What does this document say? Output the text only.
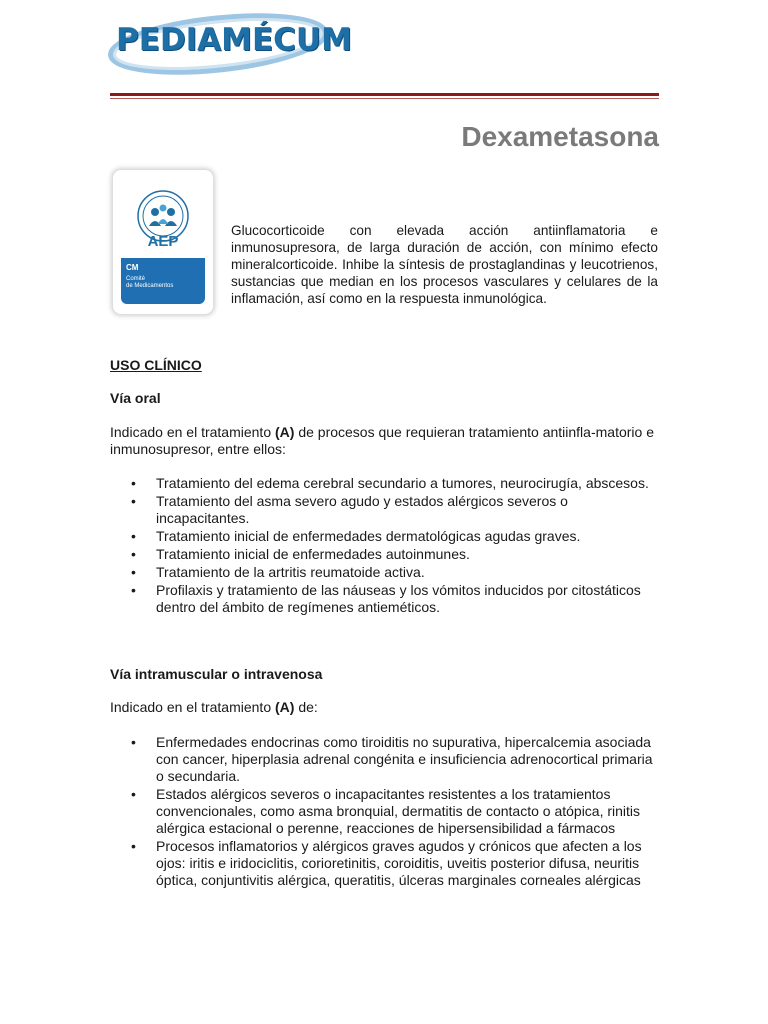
PEDIAMÉCUM
Dexametasona
AEP
CM
Comité
de Medicamentos
Glucocorticoide con elevada acción antiinflamatoria e inmunosupresora, de larga duración de acción, con mínimo efecto mineralcorticoide. Inhibe la síntesis de prostaglandinas y leucotrienos, sustancias que median en los procesos vasculares y celulares de la inflamación, así como en la respuesta inmunológica.
USO CLÍNICO
Vía oral
Indicado en el tratamiento (A) de procesos que requieran tratamiento antiinfla-matorio e inmunosupresor, entre ellos:
• Tratamiento del edema cerebral secundario a tumores, neurocirugía, abscesos.
• Tratamiento del asma severo agudo y estados alérgicos severos o incapacitantes.
• Tratamiento inicial de enfermedades dermatológicas agudas graves.
• Tratamiento inicial de enfermedades autoinmunes.
• Tratamiento de la artritis reumatoide activa.
• Profilaxis y tratamiento de las náuseas y los vómitos inducidos por citostáticos dentro del ámbito de regímenes antieméticos.
Vía intramuscular o intravenosa
Indicado en el tratamiento (A) de:
• Enfermedades endocrinas como tiroiditis no supurativa, hipercalcemia asociada con cancer, hiperplasia adrenal congénita e insuficiencia adrenocortical primaria o secundaria.
• Estados alérgicos severos o incapacitantes resistentes a los tratamientos convencionales, como asma bronquial, dermatitis de contacto o atópica, rinitis alérgica estacional o perenne, reacciones de hipersensibilidad a fármacos
• Procesos inflamatorios y alérgicos graves agudos y crónicos que afecten a los ojos: iritis e iridociclitis, corioretinitis, coroiditis, uveitis posterior difusa, neuritis óptica, conjuntivitis alérgica, queratitis, úlceras marginales corneales alérgicas
